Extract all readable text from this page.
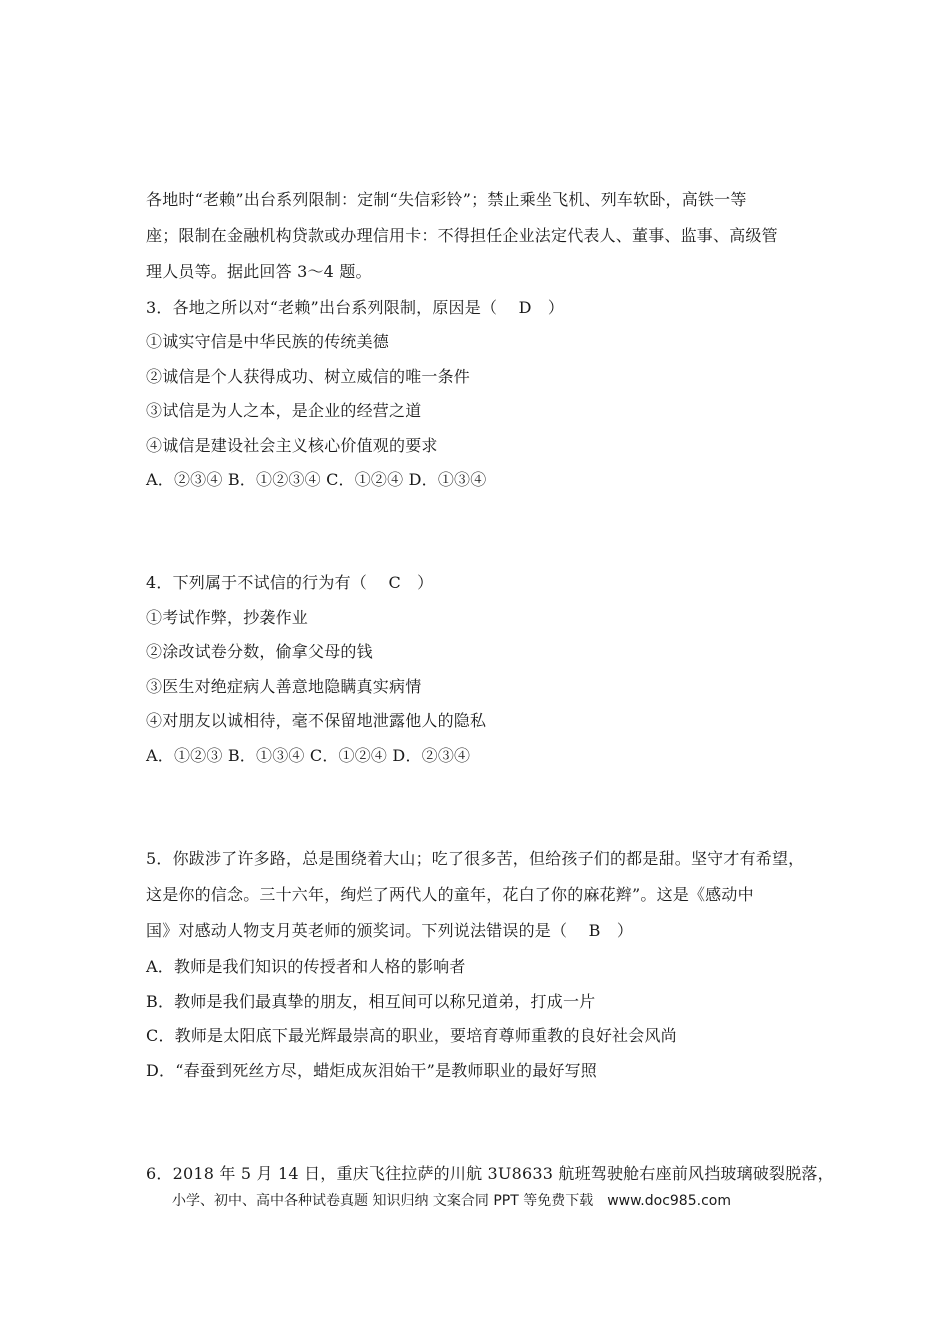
各地时“老赖”出台系列限制：定制“失信彩铃”；禁止乘坐飞机、列车软卧，高铁一等
座；限制在金融机构贷款或办理信用卡：不得担任企业法定代表人、董事、监事、高级管
理人员等。据此回答 3～4 题。
3．各地之所以对“老赖”出台系列限制，原因是（　 D　）
①诚实守信是中华民族的传统美德
②诚信是个人获得成功、树立威信的唯一条件
③试信是为人之本，是企业的经营之道
④诚信是建设社会主义核心价值观的要求
A．②③④ B．①②③④ C．①②④ D．①③④
4．下列属于不试信的行为有（　 C　）
①考试作弊，抄袭作业
②涂改试卷分数，偷拿父母的钱
③医生对绝症病人善意地隐瞒真实病情
④对朋友以诚相待，毫不保留地泄露他人的隐私
A．①②③ B．①③④ C．①②④ D．②③④
5．你跋涉了许多路，总是围绕着大山；吃了很多苦，但给孩子们的都是甜。坚守才有希望，
这是你的信念。三十六年，绚烂了两代人的童年，花白了你的麻花辫”。这是《感动中
国》对感动人物支月英老师的颁奖词。下列说法错误的是（　 B　）
A．教师是我们知识的传授者和人格的影响者
B．教师是我们最真挚的朋友，相互间可以称兄道弟，打成一片
C．教师是太阳底下最光辉最崇高的职业，要培育尊师重教的良好社会风尚
D．“春蚕到死丝方尽，蜡炬成灰泪始干”是教师职业的最好写照
6．2018 年 5 月 14 日，重庆飞往拉萨的川航 3U8633 航班驾驶舱右座前风挡玻璃破裂脱落，
小学、初中、高中各种试卷真题 知识归纳 文案合同 PPT 等免费下载　www.doc985.com
